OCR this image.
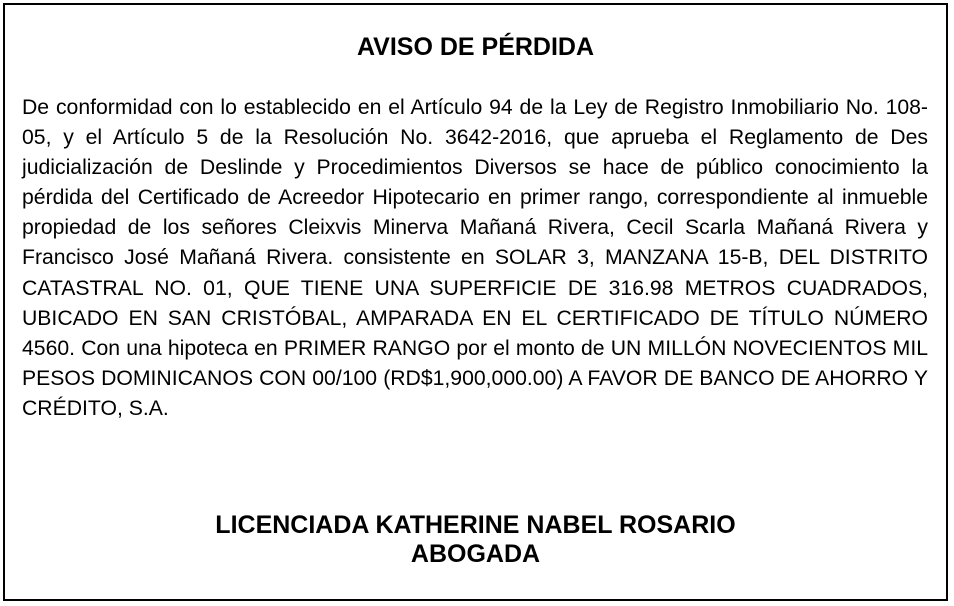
AVISO DE PÉRDIDA

De conformidad con lo establecido en el Artículo 94 de la Ley de Registro Inmobiliario No. 108-05, y el Artículo 5 de la Resolución No. 3642-2016, que aprueba el Reglamento de Des judicialización de Deslinde y Procedimientos Diversos se hace de público conocimiento la pérdida del Certificado de Acreedor Hipotecario en primer rango, correspondiente al inmueble propiedad de los señores Cleixvis Minerva Mañaná Rivera, Cecil Scarla Mañaná Rivera y Francisco José Mañaná Rivera. consistente en SOLAR 3, MANZANA 15-B, DEL DISTRITO CATASTRAL NO. 01, QUE TIENE UNA SUPERFICIE DE 316.98 METROS CUADRADOS, UBICADO EN SAN CRISTÓBAL, AMPARADA EN EL CERTIFICADO DE TÍTULO NÚMERO 4560. Con una hipoteca en PRIMER RANGO por el monto de UN MILLÓN NOVECIENTOS MIL PESOS DOMINICANOS CON 00/100 (RD$1,900,000.00) A FAVOR DE BANCO DE AHORRO Y CRÉDITO, S.A.

LICENCIADA KATHERINE NABEL ROSARIO
ABOGADA
